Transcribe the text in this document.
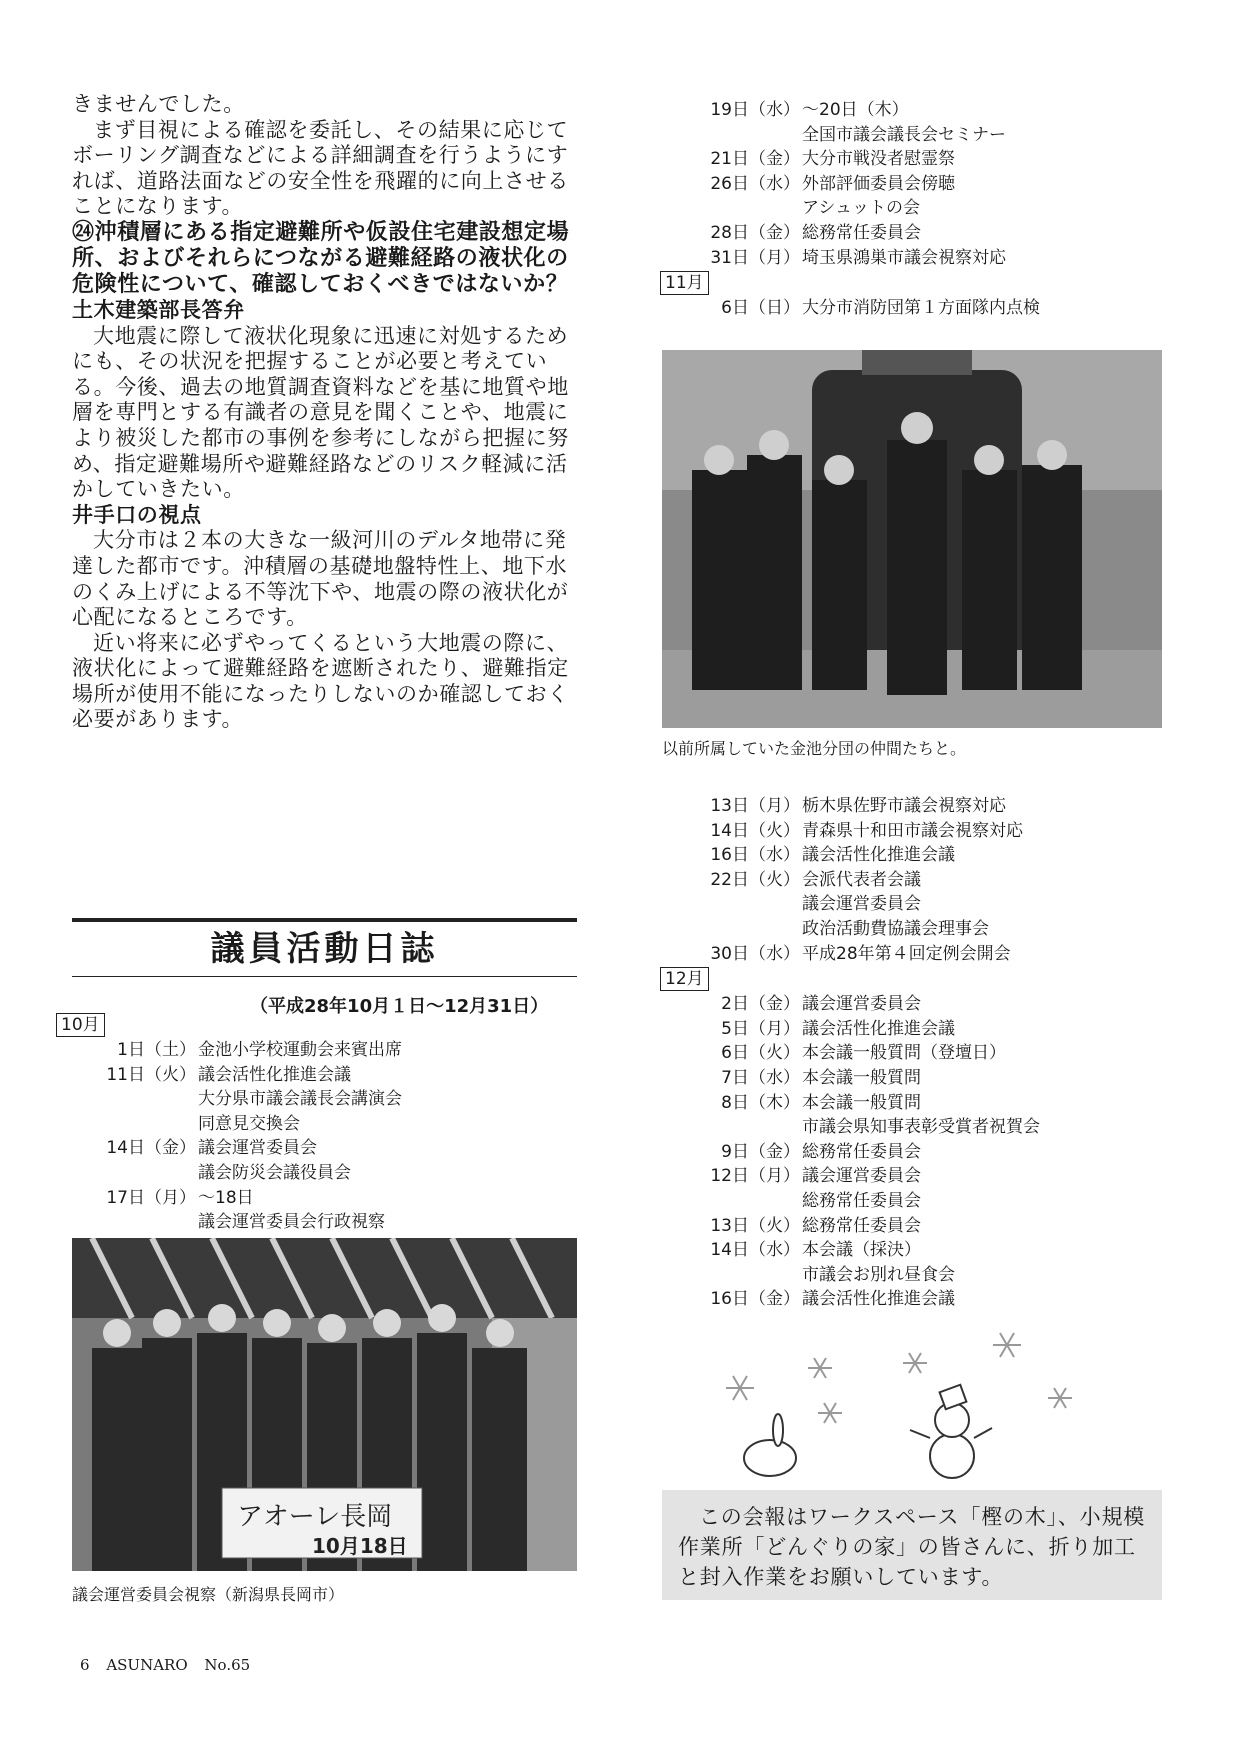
きませんでした。

まず目視による確認を委託し、その結果に応じてボーリング調査などによる詳細調査を行うようにすれば、道路法面などの安全性を飛躍的に向上させることになります。

㉔沖積層にある指定避難所や仮設住宅建設想定場所、およびそれらにつながる避難経路の液状化の危険性について、確認しておくべきではないか？

土木建築部長答弁

大地震に際して液状化現象に迅速に対処するためにも、その状況を把握することが必要と考えている。今後、過去の地質調査資料などを基に地質や地層を専門とする有識者の意見を聞くことや、地震により被災した都市の事例を参考にしながら把握に努め、指定避難場所や避難経路などのリスク軽減に活かしていきたい。

井手口の視点

大分市は２本の大きな一級河川のデルタ地帯に発達した都市です。沖積層の基礎地盤特性上、地下水のくみ上げによる不等沈下や、地震の際の液状化が心配になるところです。

近い将来に必ずやってくるという大地震の際に、液状化によって避難経路を遮断されたり、避難指定場所が使用不能になったりしないのか確認しておく必要があります。

議員活動日誌
（平成28年10月１日～12月31日）
10月
1日（土） 金池小学校運動会来賓出席
11日（火） 議会活性化推進会議
大分県市議会議長会講演会
同意見交換会
14日（金） 議会運営委員会
議会防災会議役員会
17日（月） ～18日
議会運営委員会行政視察
アオーレ長岡
10月18日
議会運営委員会視察（新潟県長岡市）
19日（水） ～20日（木）
全国市議会議長会セミナー
21日（金） 大分市戦没者慰霊祭
26日（水） 外部評価委員会傍聴
アシュットの会
28日（金） 総務常任委員会
31日（月） 埼玉県鴻巣市議会視察対応
11月
6日（日） 大分市消防団第１方面隊内点検
以前所属していた金池分団の仲間たちと。
13日（月） 栃木県佐野市議会視察対応
14日（火） 青森県十和田市議会視察対応
16日（水） 議会活性化推進会議
22日（火） 会派代表者会議
議会運営委員会
政治活動費協議会理事会
30日（水） 平成28年第４回定例会開会
12月
2日（金） 議会運営委員会
5日（月） 議会活性化推進会議
6日（火） 本会議一般質問（登壇日）
7日（水） 本会議一般質問
8日（木） 本会議一般質問
市議会県知事表彰受賞者祝賀会
9日（金） 総務常任委員会
12日（月） 議会運営委員会
総務常任委員会
13日（火） 総務常任委員会
14日（水） 本会議（採決）
市議会お別れ昼食会
16日（金） 議会活性化推進会議
この会報はワークスペース「樫の木」、小規模作業所「どんぐりの家」の皆さんに、折り加工と封入作業をお願いしています。
6 ASUNARO No.65
